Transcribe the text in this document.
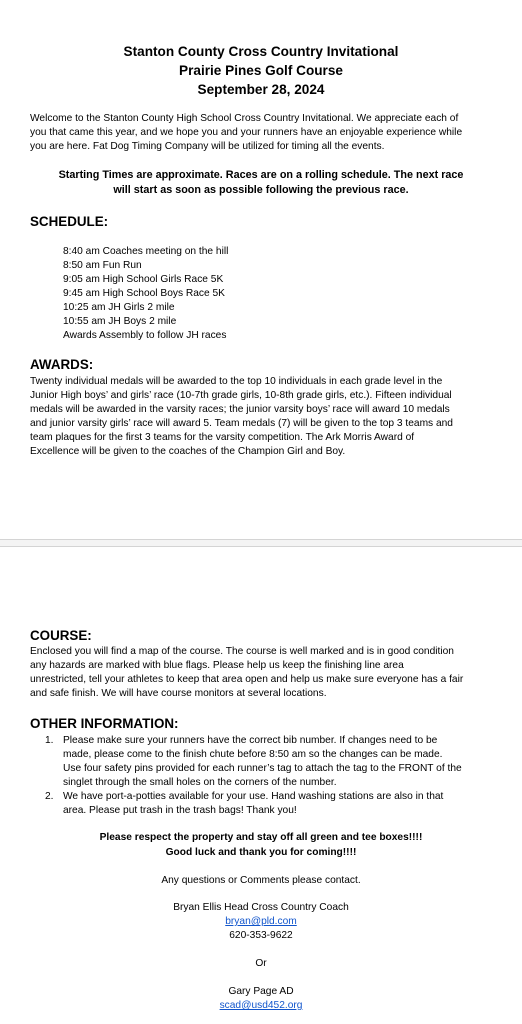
Stanton County Cross Country Invitational
Prairie Pines Golf Course
September 28, 2024
Welcome to the Stanton County High School Cross Country Invitational. We appreciate each of
you that came this year, and we hope you and your runners have an enjoyable experience while
you are here. Fat Dog Timing Company will be utilized for timing all the events.
Starting Times are approximate. Races are on a rolling schedule. The next race
will start as soon as possible following the previous race.
SCHEDULE:
8:40 am Coaches meeting on the hill
8:50 am Fun Run
9:05 am High School Girls Race 5K
9:45 am High School Boys Race 5K
10:25 am JH Girls 2 mile
10:55 am JH Boys 2 mile
Awards Assembly to follow JH races
AWARDS:
Twenty individual medals will be awarded to the top 10 individuals in each grade level in the
Junior High boys’ and girls’ race (10-7th grade girls, 10-8th grade girls, etc.). Fifteen individual
medals will be awarded in the varsity races; the junior varsity boys’ race will award 10 medals
and junior varsity girls’ race will award 5. Team medals (7) will be given to the top 3 teams and
team plaques for the first 3 teams for the varsity competition. The Ark Morris Award of
Excellence will be given to the coaches of the Champion Girl and Boy.
COURSE:
Enclosed you will find a map of the course. The course is well marked and is in good condition
any hazards are marked with blue flags. Please help us keep the finishing line area
unrestricted, tell your athletes to keep that area open and help us make sure everyone has a fair
and safe finish. We will have course monitors at several locations.
OTHER INFORMATION:
1. Please make sure your runners have the correct bib number. If changes need to be
made, please come to the finish chute before 8:50 am so the changes can be made.
Use four safety pins provided for each runner’s tag to attach the tag to the FRONT of the
singlet through the small holes on the corners of the number.
2. We have port-a-potties available for your use. Hand washing stations are also in that
area. Please put trash in the trash bags! Thank you!
Please respect the property and stay off all green and tee boxes!!!!
Good luck and thank you for coming!!!!
Any questions or Comments please contact.
Bryan Ellis Head Cross Country Coach
bryan@pld.com
620-353-9622
Or
Gary Page AD
scad@usd452.org
